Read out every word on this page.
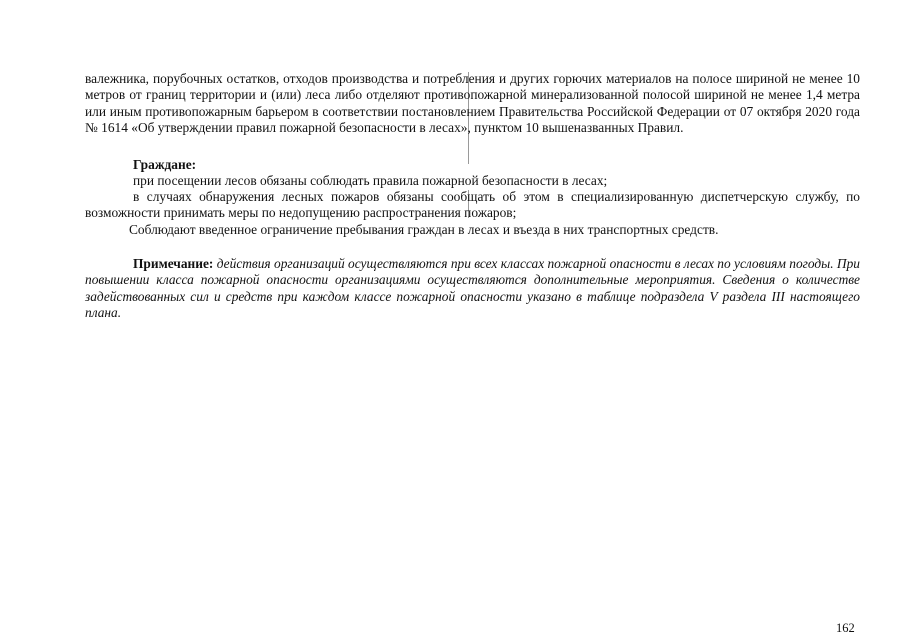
валежника, порубочных остатков, отходов производства и потребления и других горючих материалов на полосе шириной не менее 10 метров от границ территории и (или) леса либо отделяют противопожарной минерализованной полосой шириной не менее 1,4 метра или иным противопожарным барьером в соответствии постановлением Правительства Российской Федерации от 07 октября 2020 года № 1614 «Об утверждении правил пожарной безопасности в лесах», пунктом 10 вышеназванных Правил.

Граждане:

при посещении лесов обязаны соблюдать правила пожарной безопасности в лесах;

в случаях обнаружения лесных пожаров обязаны сообщать об этом в специализированную диспетчерскую службу, по возможности принимать меры по недопущению распространения пожаров;

Соблюдают введенное ограничение пребывания граждан в лесах и въезда в них транспортных средств.

Примечание: действия организаций осуществляются при всех классах пожарной опасности в лесах по условиям погоды. При повышении класса пожарной опасности организациями осуществляются дополнительные мероприятия. Сведения о количестве задействованных сил и средств при каждом классе пожарной опасности указано в таблице подраздела V раздела III настоящего плана.

162
